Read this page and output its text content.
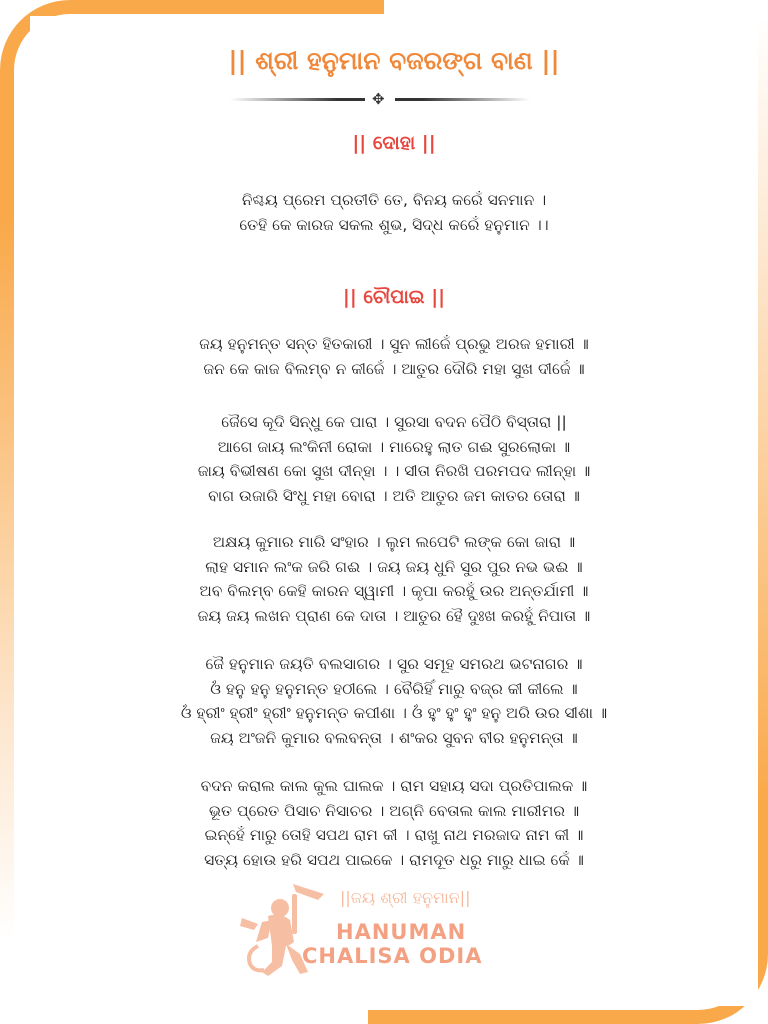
|| ଶ୍ରୀ ହନୁମାନ ବଜରଙ୍ଗ ବାଣ ||
✥
|| ଦୋହା ||
ନିଶ୍ଚୟ ପ୍ରେମ ପ୍ରତୀତି ତେ, ବିନୟ କରେଁ ସନମାନ ।
ତେହି କେ କାରଜ ସକଲ ଶୁଭ, ସିଦ୍ଧ କରେଁ ହନୁମାନ ।।
|| ଚୌପାଇ ||
ଜୟ ହନୁମନ୍ତ ସନ୍ତ ହିତକାରୀ । ସୁନ ଲୀଜେଁ ପ୍ରଭୁ ଅରଜ ହମାରୀ ॥
ଜନ କେ କାଜ ବିଲମ୍ବ ନ କୀଜେଁ । ଆତୁର ଦୌରି ମହା ସୁଖ ଦୀଜେଁ ॥
ଜୈସେ କୂଦି ସିନ୍ଧୁ କେ ପାରା । ସୁରସା ବଦନ ପୈଠି ବିସ୍ତାରା ||
ଆଗେ ଜାୟ ଲଂକିନୀ ରୋକା । ମାରେହୁ ଲାତ ଗଈ ସୁରଲୋକା ॥
ଜାୟ ବିଭୀଷଣ କୋ ସୁଖ ଦୀନ୍ହା । । ସୀତା ନିରଖି ପରମପଦ ଲୀନ୍ହା ॥
ବାଗ ଉଜାରି ସିଂଧୁ ମହା ବୋରା । ଅତି ଆତୁର ଜମ କାତର ତୋରା ॥
ଅକ୍ଷୟ କୁମାର ମାରି ସଂହାର । ଲୁମ ଲପେଟି ଲଙ୍କ କୋ ଜାରା ॥
ଲାହ ସମାନ ଲଂକ ଜରି ଗଈ । ଜୟ ଜୟ ଧୁନି ସୁର ପୁର ନଭ ଭଈ ॥
ଅବ ବିଲମ୍ବ କେହି କାରନ ସ୍ୱାମୀ । କୃପା କରହୁଁ ଉର ଅନ୍ତର୍ଯାମୀ ॥
ଜୟ ଜୟ ଲଖନ ପ୍ରାଣ କେ ଦାତା । ଆତୁର ହୈ ଦୁଃଖ କରହୁଁ ନିପାତା ॥
ଜୈ ହନୁମାନ ଜୟତି ବଲସାଗର । ସୁର ସମୂହ ସମରଥ ଭଟନାଗର ॥
ଓଁ ହନୁ ହନୁ ହନୁମନ୍ତ ହଠୀଲେ । ବୈରିହିଁ ମାରୁ ବଜ୍ର କୀ କୀଲେ ॥
ଓଁ ହ୍ରୀଂ ହ୍ରୀଂ ହ୍ରୀଂ ହନୁମନ୍ତ କପୀଶା । ଓଁ ହୁଂ ହୁଂ ହୁଂ ହନୁ ଅରି ଉର ସୀଶା ॥
ଜୟ ଅଂଜନି କୁମାର ବଲବନ୍ତା । ଶଂକର ସୁବନ ବୀର ହନୁମନ୍ତା ॥
ବଦନ କରାଲ କାଲ କୁଲ ଘାଲକ । ରାମ ସହାୟ ସଦା ପ୍ରତିପାଲକ ॥
ଭୂତ ପ୍ରେତ ପିସାଚ ନିସାଚର । ଅଗ୍ନି ବେତାଲ କାଲ ମାରୀମର ॥
ଇନ୍ହେଁ ମାରୁ ତୋହି ସପଥ ରାମ କୀ । ରାଖୁ ନାଥ ମରଜାଦ ନାମ କୀ ॥
ସତ୍ୟ ହୋଉ ହରି ସପଥ ପାଇକେ । ରାମଦୂତ ଧରୁ ମାରୁ ଧାଇ କେଁ ॥
||ଜୟ ଶ୍ରୀ ହନୁମାନ||
HANUMAN
CHALISA ODIA
